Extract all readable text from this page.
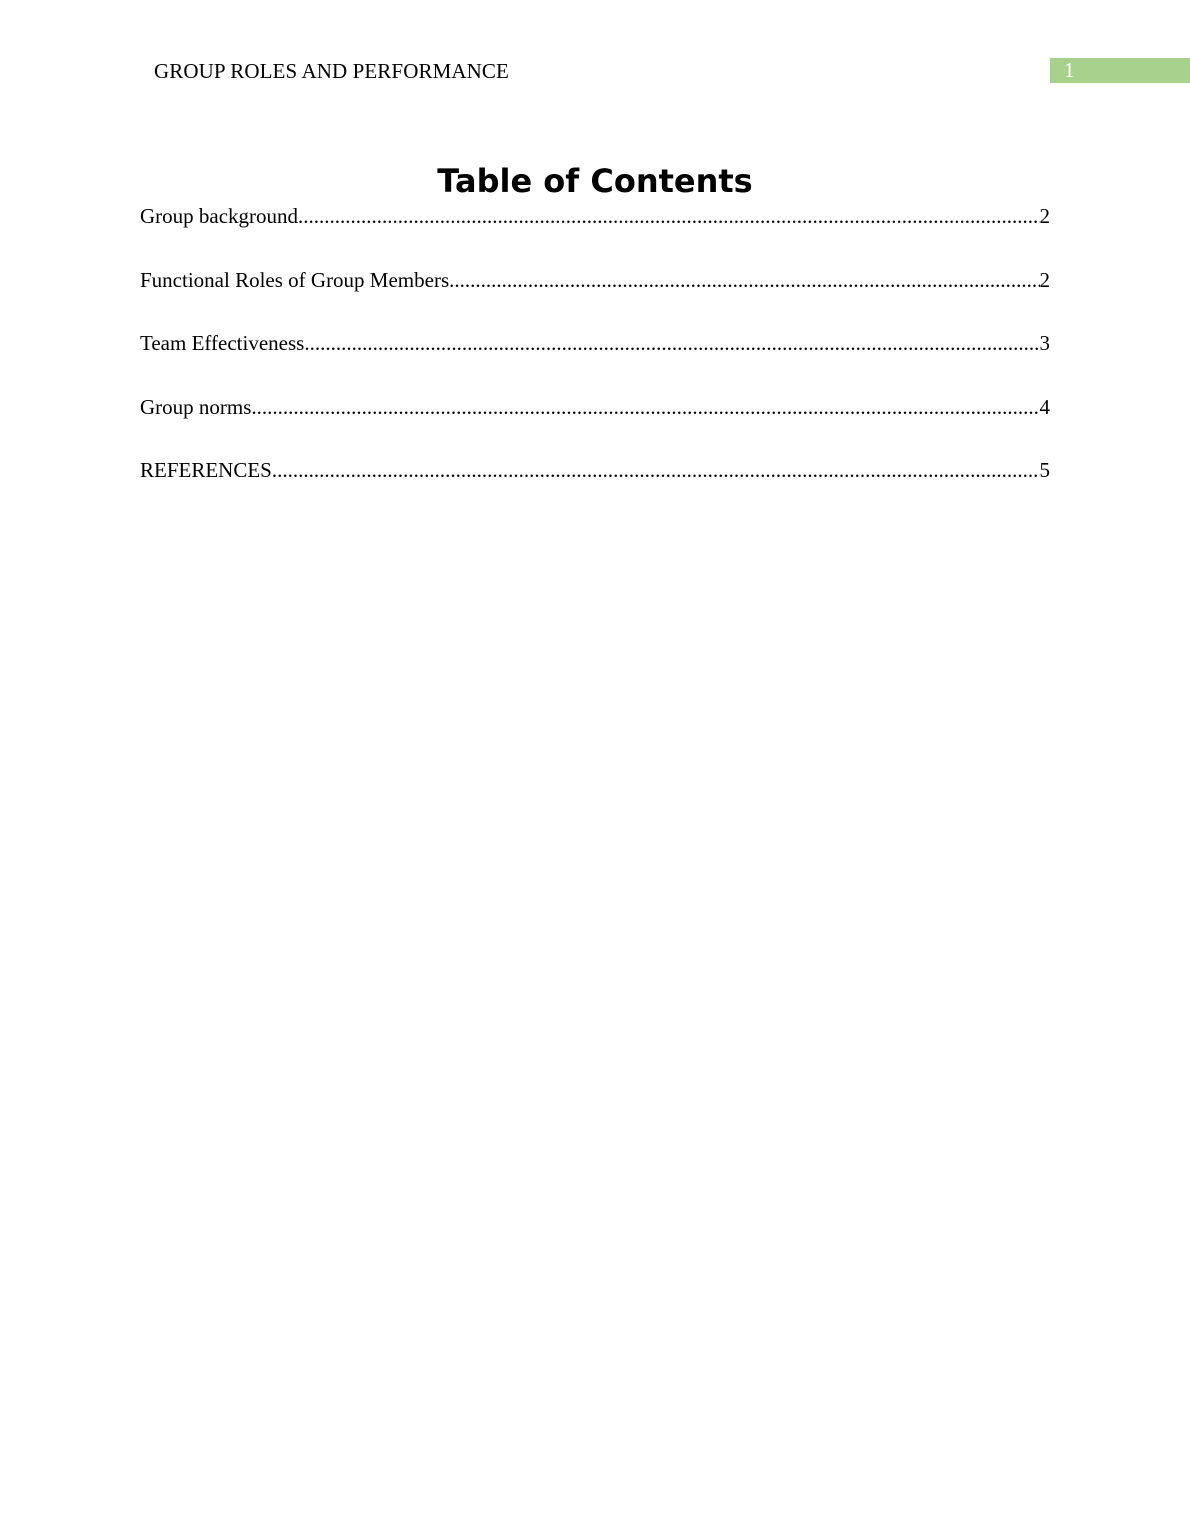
GROUP ROLES AND PERFORMANCE	1
Table of Contents
Group background .....	2
Functional Roles of Group Members .....	2
Team Effectiveness .....	3
Group norms .....	4
REFERENCES .....	5
